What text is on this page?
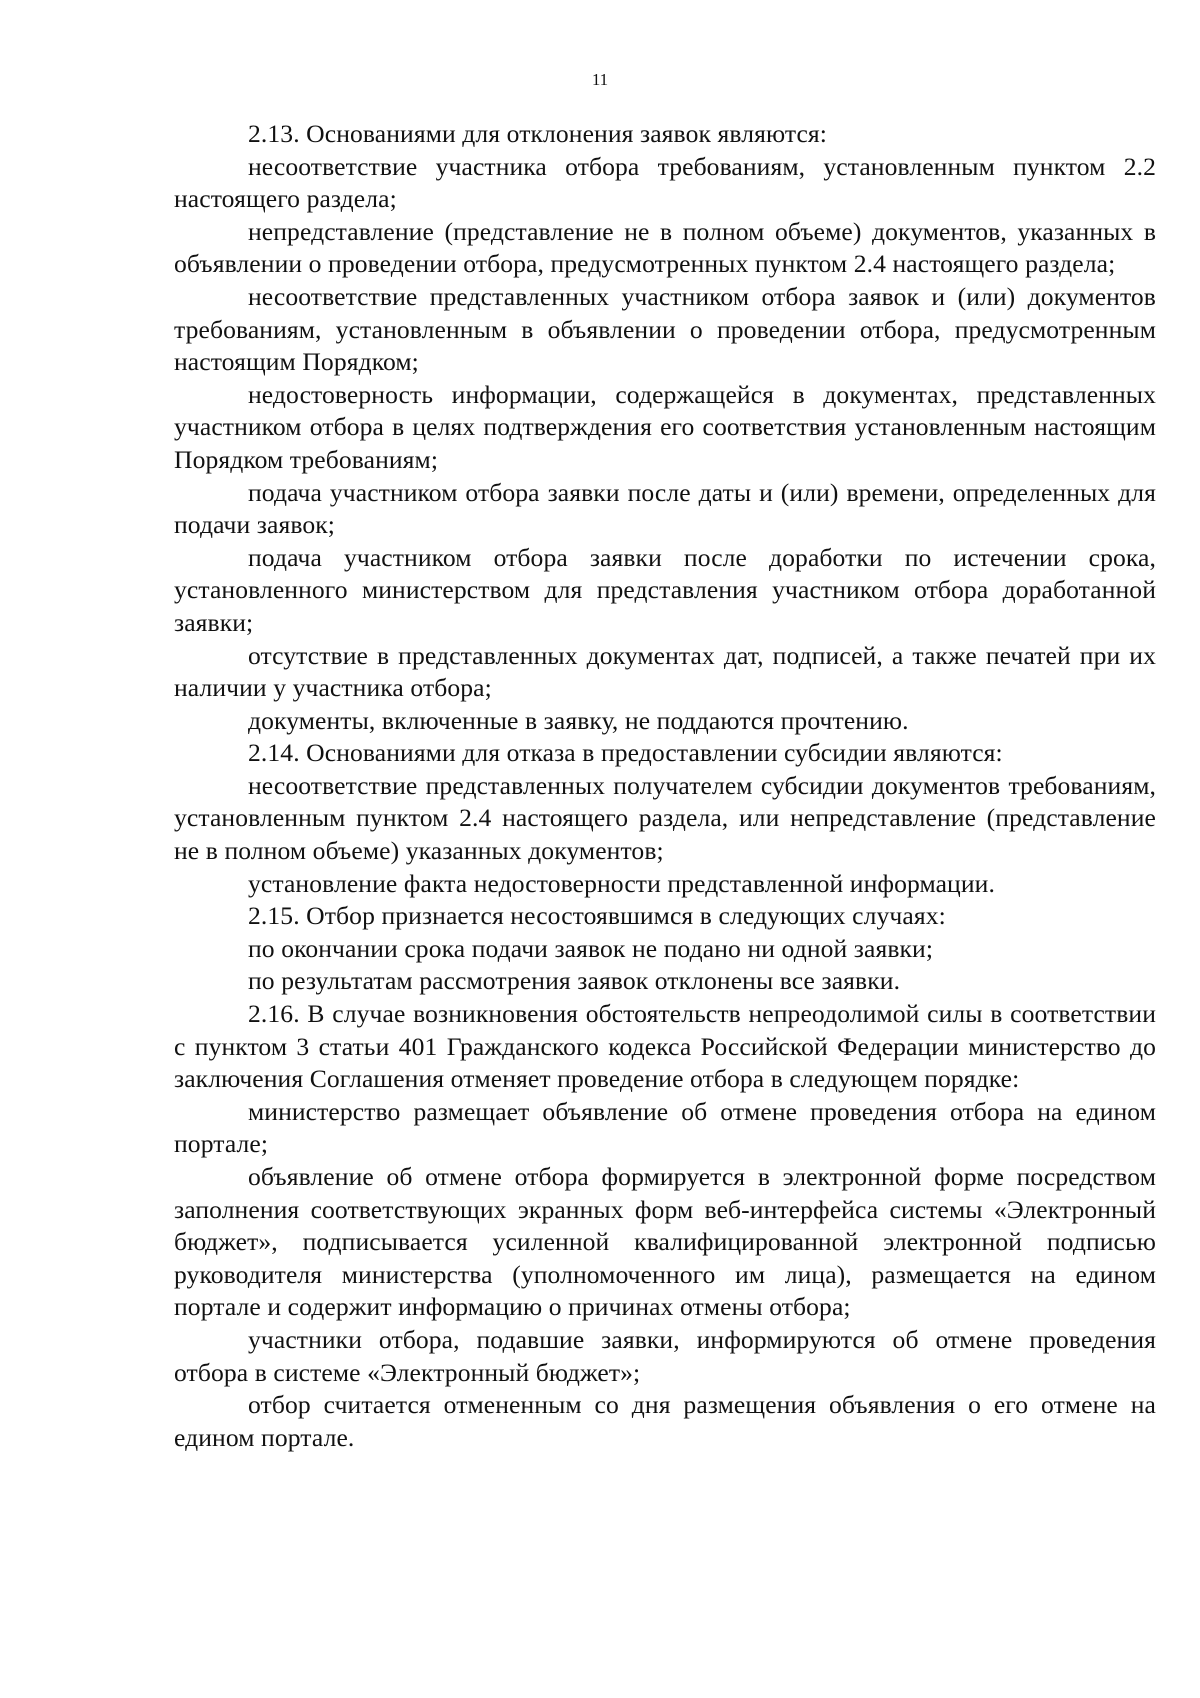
11

2.13. Основаниями для отклонения заявок являются:

несоответствие участника отбора требованиям, установленным пунктом 2.2 настоящего раздела;

непредставление (представление не в полном объеме) документов, указанных в объявлении о проведении отбора, предусмотренных пунктом 2.4 настоящего раздела;

несоответствие представленных участником отбора заявок и (или) документов требованиям, установленным в объявлении о проведении отбора, предусмотренным настоящим Порядком;

недостоверность информации, содержащейся в документах, представленных участником отбора в целях подтверждения его соответствия установленным настоящим Порядком требованиям;

подача участником отбора заявки после даты и (или) времени, определенных для подачи заявок;

подача участником отбора заявки после доработки по истечении срока, установленного министерством для представления участником отбора доработанной заявки;

отсутствие в представленных документах дат, подписей, а также печатей при их наличии у участника отбора;

документы, включенные в заявку, не поддаются прочтению.

2.14. Основаниями для отказа в предоставлении субсидии являются:

несоответствие представленных получателем субсидии документов требованиям, установленным пунктом 2.4 настоящего раздела, или непредставление (представление не в полном объеме) указанных документов;

установление факта недостоверности представленной информации.

2.15. Отбор признается несостоявшимся в следующих случаях:

по окончании срока подачи заявок не подано ни одной заявки;

по результатам рассмотрения заявок отклонены все заявки.

2.16. В случае возникновения обстоятельств непреодолимой силы в соответствии с пунктом 3 статьи 401 Гражданского кодекса Российской Федерации министерство до заключения Соглашения отменяет проведение отбора в следующем порядке:

министерство размещает объявление об отмене проведения отбора на едином портале;

объявление об отмене отбора формируется в электронной форме посредством заполнения соответствующих экранных форм веб-интерфейса системы «Электронный бюджет», подписывается усиленной квалифицированной электронной подписью руководителя министерства (уполномоченного им лица), размещается на едином портале и содержит информацию о причинах отмены отбора;

участники отбора, подавшие заявки, информируются об отмене проведения отбора в системе «Электронный бюджет»;

отбор считается отмененным со дня размещения объявления о его отмене на едином портале.
